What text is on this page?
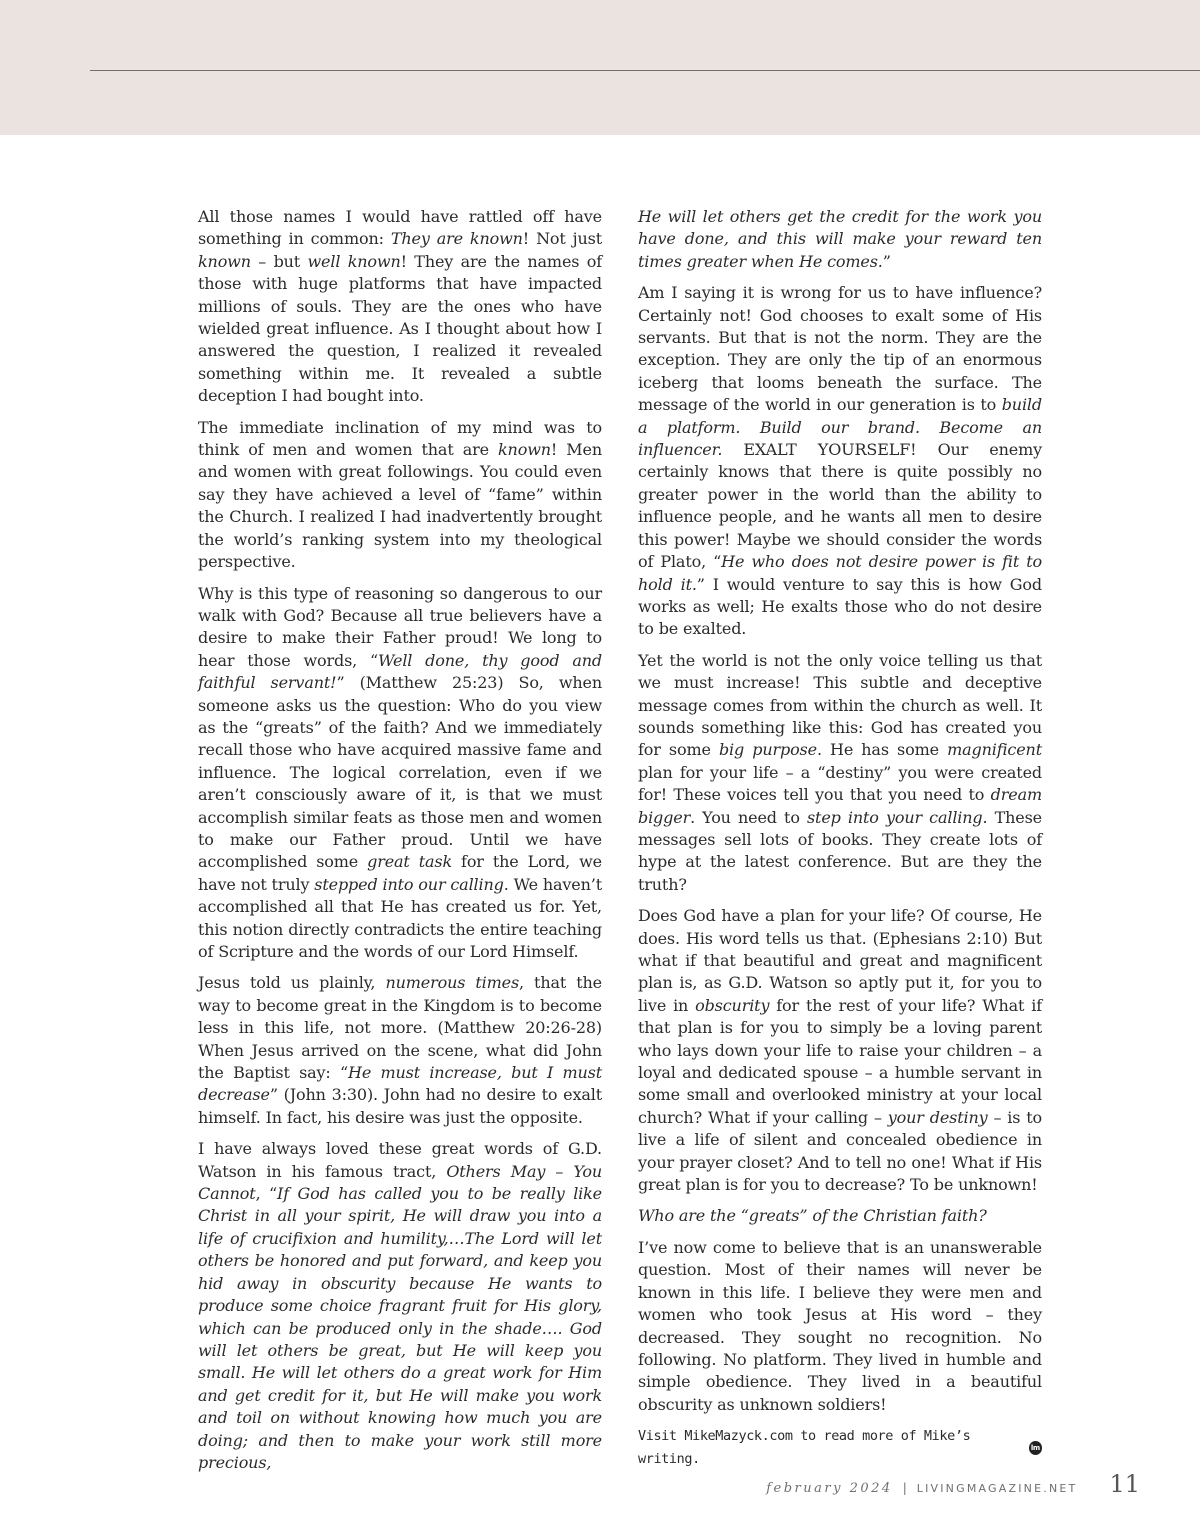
All those names I would have rattled off have something in common: They are known! Not just known – but well known! They are the names of those with huge platforms that have impacted millions of souls. They are the ones who have wielded great influence. As I thought about how I answered the question, I realized it revealed something within me. It revealed a subtle deception I had bought into.

The immediate inclination of my mind was to think of men and women that are known! Men and women with great followings. You could even say they have achieved a level of “fame” within the Church. I realized I had inadvertently brought the world’s ranking system into my theological perspective.

Why is this type of reasoning so dangerous to our walk with God? Because all true believers have a desire to make their Father proud! We long to hear those words, “Well done, thy good and faithful servant!” (Matthew 25:23) So, when someone asks us the question: Who do you view as the “greats” of the faith? And we immediately recall those who have acquired massive fame and influence. The logical correlation, even if we aren’t consciously aware of it, is that we must accomplish similar feats as those men and women to make our Father proud. Until we have accomplished some great task for the Lord, we have not truly stepped into our calling. We haven’t accomplished all that He has created us for. Yet, this notion directly contradicts the entire teaching of Scripture and the words of our Lord Himself.

Jesus told us plainly, numerous times, that the way to become great in the Kingdom is to become less in this life, not more. (Matthew 20:26-28) When Jesus arrived on the scene, what did John the Baptist say: “He must increase, but I must decrease” (John 3:30). John had no desire to exalt himself. In fact, his desire was just the opposite.

I have always loved these great words of G.D. Watson in his famous tract, Others May – You Cannot, “If God has called you to be really like Christ in all your spirit, He will draw you into a life of crucifixion and humility,…The Lord will let others be honored and put forward, and keep you hid away in obscurity because He wants to produce some choice fragrant fruit for His glory, which can be produced only in the shade…. God will let others be great, but He will keep you small. He will let others do a great work for Him and get credit for it, but He will make you work and toil on without knowing how much you are doing; and then to make your work still more precious,

He will let others get the credit for the work you have done, and this will make your reward ten times greater when He comes.”

Am I saying it is wrong for us to have influence? Certainly not! God chooses to exalt some of His servants. But that is not the norm. They are the exception. They are only the tip of an enormous iceberg that looms beneath the surface. The message of the world in our generation is to build a platform. Build our brand. Become an influencer. EXALT YOURSELF! Our enemy certainly knows that there is quite possibly no greater power in the world than the ability to influence people, and he wants all men to desire this power! Maybe we should consider the words of Plato, “He who does not desire power is fit to hold it.” I would venture to say this is how God works as well; He exalts those who do not desire to be exalted.

Yet the world is not the only voice telling us that we must increase! This subtle and deceptive message comes from within the church as well. It sounds something like this: God has created you for some big purpose. He has some magnificent plan for your life – a “destiny” you were created for! These voices tell you that you need to dream bigger. You need to step into your calling. These messages sell lots of books. They create lots of hype at the latest conference. But are they the truth?

Does God have a plan for your life? Of course, He does. His word tells us that. (Ephesians 2:10) But what if that beautiful and great and magnificent plan is, as G.D. Watson so aptly put it, for you to live in obscurity for the rest of your life? What if that plan is for you to simply be a loving parent who lays down your life to raise your children – a loyal and dedicated spouse – a humble servant in some small and overlooked ministry at your local church? What if your calling – your destiny – is to live a life of silent and concealed obedience in your prayer closet? And to tell no one! What if His great plan is for you to decrease? To be unknown!

Who are the “greats” of the Christian faith?

I’ve now come to believe that is an unanswerable question. Most of their names will never be known in this life. I believe they were men and women who took Jesus at His word – they decreased. They sought no recognition. No following. No platform. They lived in humble and simple obedience. They lived in a beautiful obscurity as unknown soldiers!

Visit MikeMazyck.com to read more of Mike’s writing.
lm

february 2024 | LIVINGMAGAZINE.NET 11
